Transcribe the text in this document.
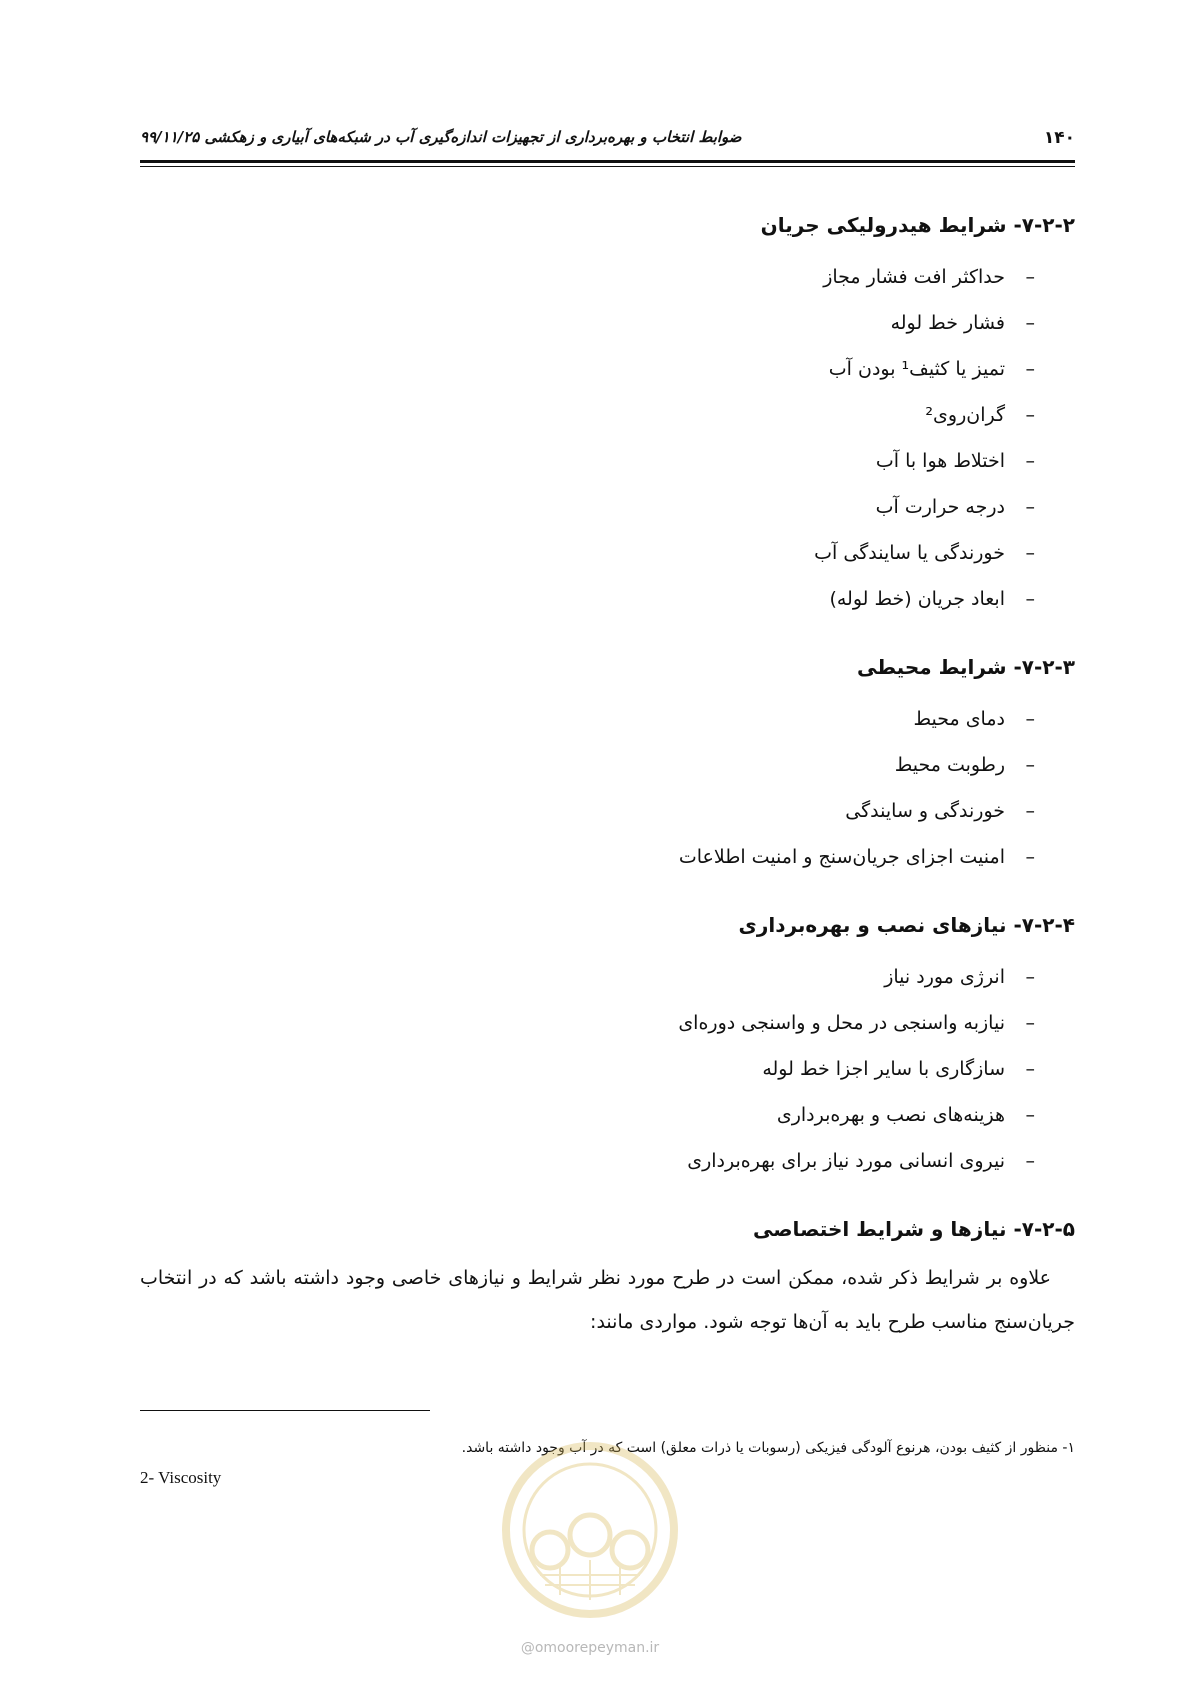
۱۴۰
ضوابط انتخاب و بهره‌برداری از تجهیزات اندازه‌گیری آب در شبکه‌های آبیاری و زهکشی ۹۹/۱۱/۲۵
۷-۲-۲- شرایط هیدرولیکی جریان
–حداکثر افت فشار مجاز
–فشار خط لوله
–تمیز یا کثیف¹ بودن آب
–گران‌روی²
–اختلاط هوا با آب
–درجه حرارت آب
–خورندگی یا سایندگی آب
–ابعاد جریان (خط لوله)
۷-۲-۳- شرایط محیطی
–دمای محیط
–رطوبت محیط
–خورندگی و سایندگی
–امنیت اجزای جریان‌سنج و امنیت اطلاعات
۷-۲-۴- نیازهای نصب و بهره‌برداری
–انرژی مورد نیاز
–نیازبه واسنجی در محل و واسنجی دوره‌ای
–سازگاری با سایر اجزا خط لوله
–هزینه‌های نصب و بهره‌برداری
–نیروی انسانی مورد نیاز برای بهره‌برداری
۷-۲-۵- نیازها و شرایط اختصاصی

علاوه بر شرایط ذکر شده، ممکن است در طرح مورد نظر شرایط و نیازهای خاصی وجود داشته باشد که در انتخاب جریان‌سنج مناسب طرح باید به آن‌ها توجه شود. مواردی مانند:

۱- منظور از کثیف بودن، هرنوع آلودگی فیزیکی (رسوبات یا ذرات معلق) است که در آب وجود داشته باشد.
2- Viscosity
@omoorepeyman.ir
